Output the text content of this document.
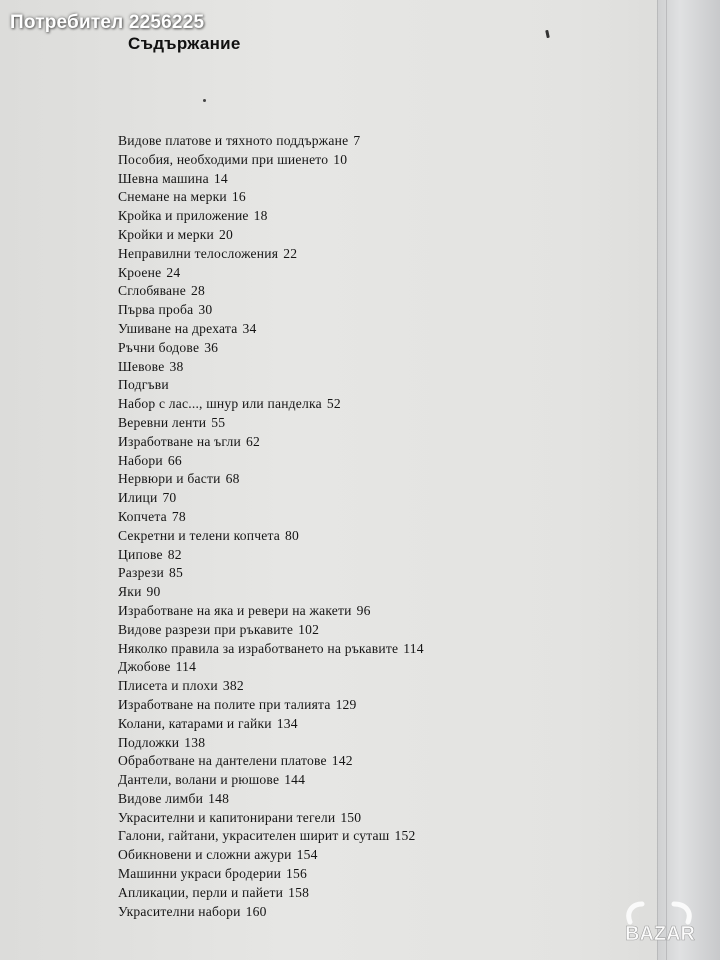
Съдържание
Видове платове и тяхното поддържане 7
Пособия, необходими при шиенето 10
Шевна машина 14
Снемане на мерки 16
Кройка и приложение 18
Кройки и мерки 20
Неправилни телосложения 22
Кроене 24
Сглобяване 28
Първа проба 30
Ушиване на дрехата 34
Ръчни бодове 36
Шевове 38
Подгъви
Набор с лас..., шнур или панделка 52
Веревни ленти 55
Изработване на ъгли 62
Набори 66
Нервюри и басти 68
Илици 70
Копчета 78
Секретни и телени копчета 80
Ципове 82
Разрези 85
Яки 90
Изработване на яка и ревери на жакети 96
Видове разрези при ръкавите 102
Няколко правила за изработването на ръкавите 114
Джобове 114
Плисета и плохи 382
Изработване на полите при талията 129
Колани, катарами и гайки 134
Подложки 138
Обработване на дантелени платове 142
Дантели, волани и рюшове 144
Видове лимби 148
Украсителни и капитонирани тегели 150
Галони, гайтани, украсителен ширит и суташ 152
Обикновени и сложни ажури 154
Машинни украси бродерии 156
Апликации, перли и пайети 158
Украсителни набори 160
Потребител 2256225
BAZAR
